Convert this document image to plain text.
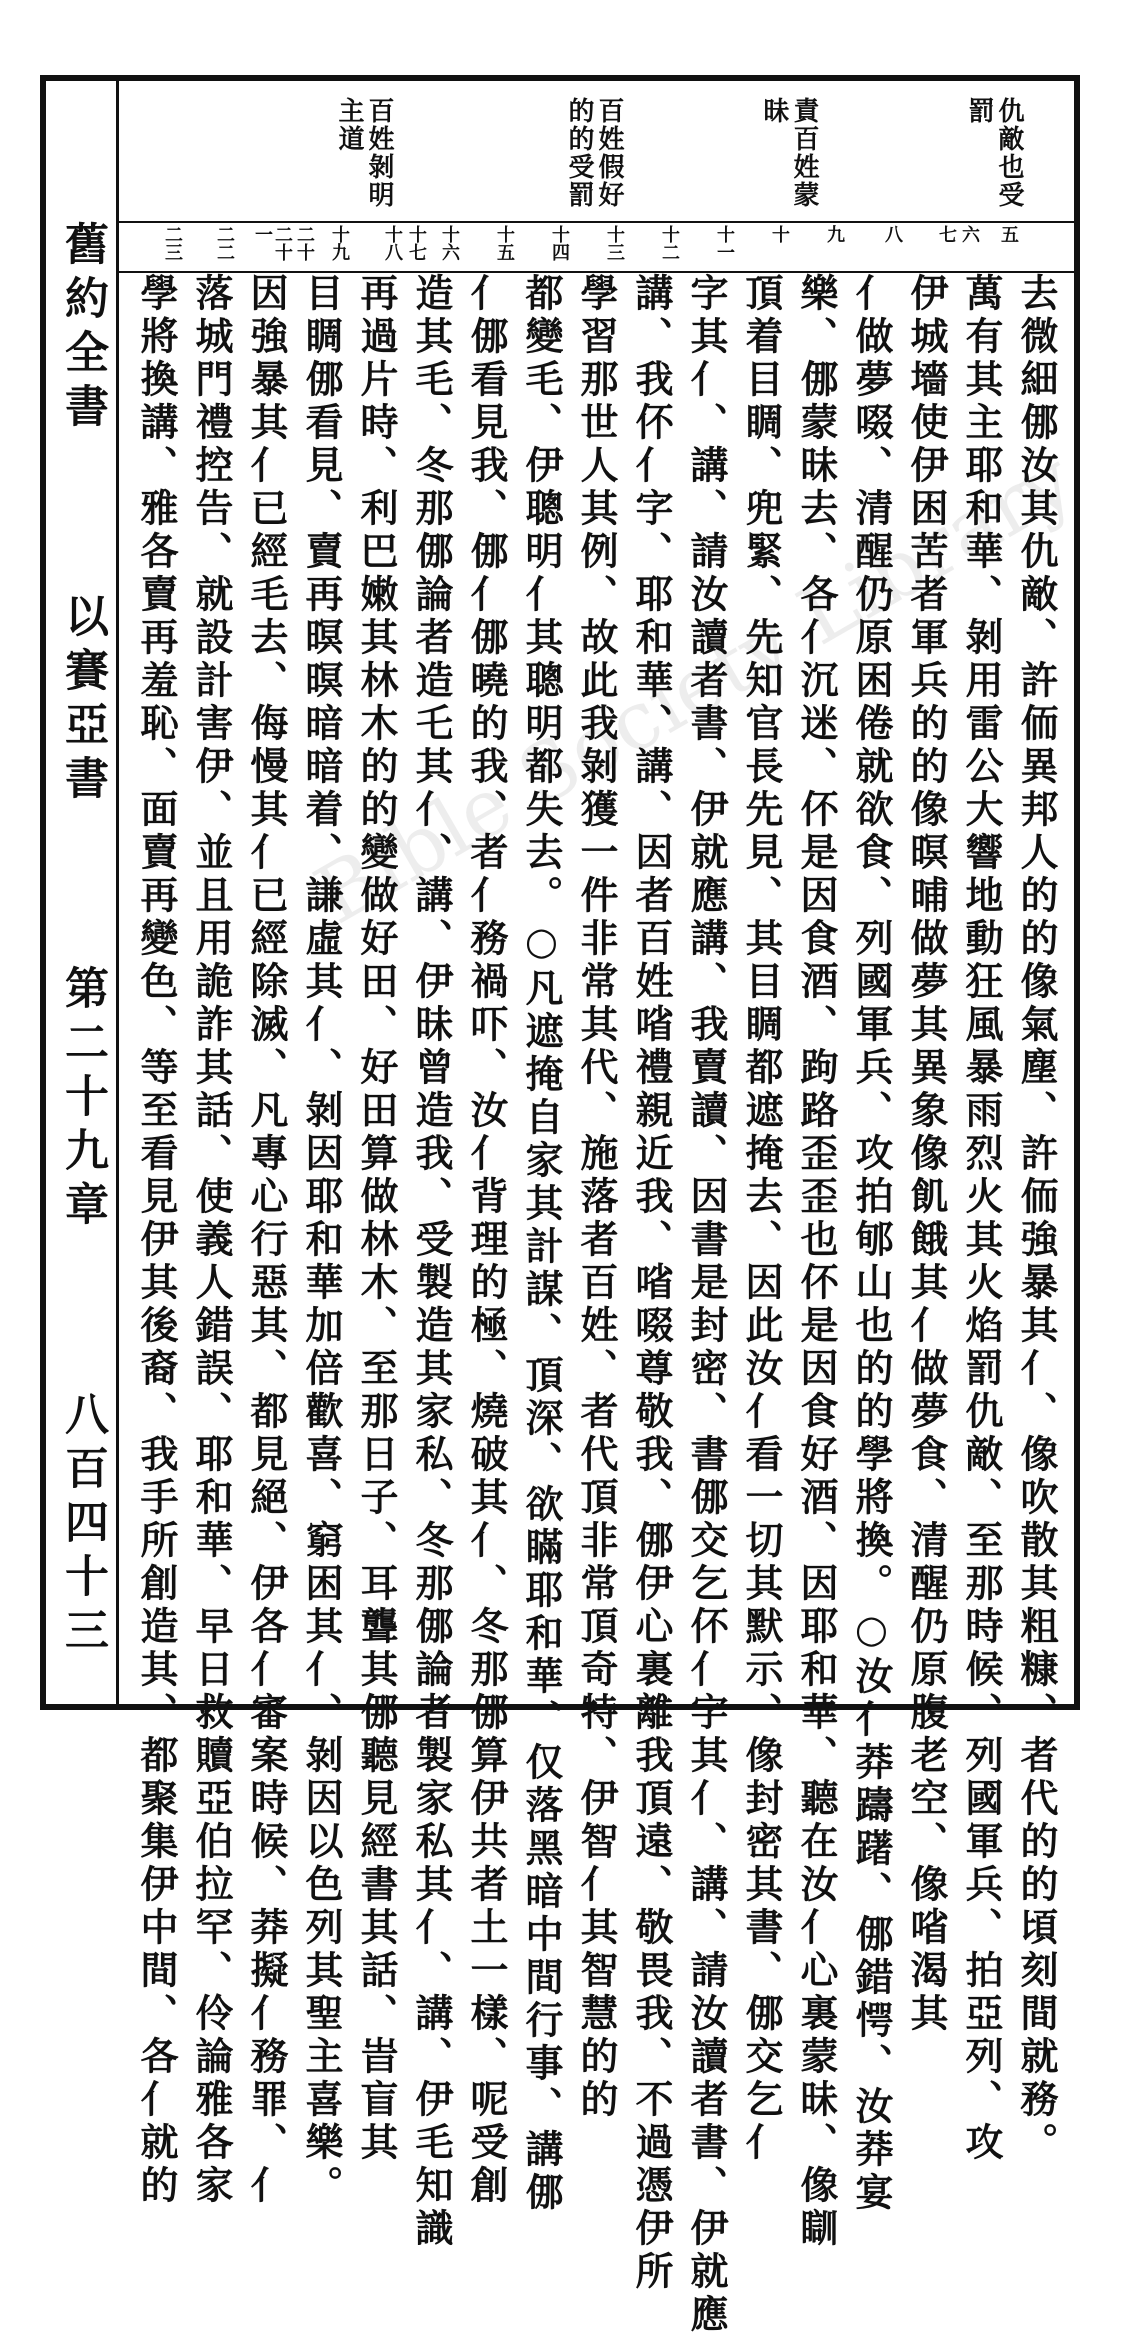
仇敵也受罰
責百姓蒙昧
百姓假好的的受罰
百姓剝明主道
五
六
七
八
九
十
十一
十二
十三
十四
十五
十六
十七
十八
十九
二十
二十一
二二
二三
舊約全書
以賽亞書
第二十九章
八百四十三	去微細㑚汝其仇敵、許侕異邦人的的像氣塵、許侕強暴其亻、像吹散其粗糠、者代的的頃刻間就務。
萬有其主耶和華、剝用雷公大響地動狂風暴雨烈火其火焰罰仇敵、至那時候、列國軍兵、拍亞列、攻
伊城墻使伊困苦者軍兵的的像暝晡做夢其異象像飢餓其亻做夢食、清醒仍原腹老空、像㗂渴其
亻做夢啜、清醒仍原困倦就欲食、列國軍兵、攻拍郇山也的的學將換。○汝亻莽躊躇、㑚錯愕、汝莽宴
樂、㑚蒙昧去、各亻沉迷、伓是因食酒、跔路歪歪也伓是因食好酒、因耶和華、聽在汝亻心裏蒙昧、像瞓
頂着目睭、兜緊、先知官長先見、其目睭都遮掩去、因此汝亻看一切其默示、像封密其書、㑚交乞亻
字其亻、講、請汝讀者書、伊就應講、我賣讀、因書是封密、書㑚交乞伓亻字其亻、講、請汝讀者書、伊就應
講、我伓亻字、耶和華、講、因者百姓㗂禮親近我、㗂啜尊敬我、㑚伊心裏離我頂遠、敬畏我、不過憑伊所
學習那世人其例、故此我剝獲一件非常其代、施落者百姓、者代頂非常頂奇特、伊智亻其智慧的的
都變毛、伊聰明亻其聰明都失去。○凡遮掩自家其計謀、頂深、欲瞞耶和華、仅落黑暗中間行事、講㑚
亻㑚看見我、㑚亻㑚曉的我、者亻務禍吓、汝亻背理的極、燒破其亻、冬那㑚算伊共者土一樣、呢受創
造其毛、冬那㑚論者造乇其亻、講、伊昧曾造我、受製造其家私、冬那㑚論者製家私其亻、講、伊毛知識
再過片時、利巴嫩其林木的的變做好田、好田算做林木、至那日子、耳聾其㑚聽見經書其話、旹盲其
目睭㑚看見、賣再暝暝暗暗着、謙虛其亻、剝因耶和華加倍歡喜、窮困其亻、剝因以色列其聖主喜樂。
因強暴其亻已經毛去、侮慢其亻已經除滅、凡專心行惡其、都見絕、伊各亻審案時候、莽擬亻務罪、亻
落城門禮控告、就設計害伊、並且用詭詐其話、使義人錯誤、耶和華、早日救贖亞伯拉罕、伶論雅各家
學將換講、雅各賣再羞恥、面賣再變色、等至看見伊其後裔、我手所創造其、都聚集伊中間、各亻就的 Bible Society Library
